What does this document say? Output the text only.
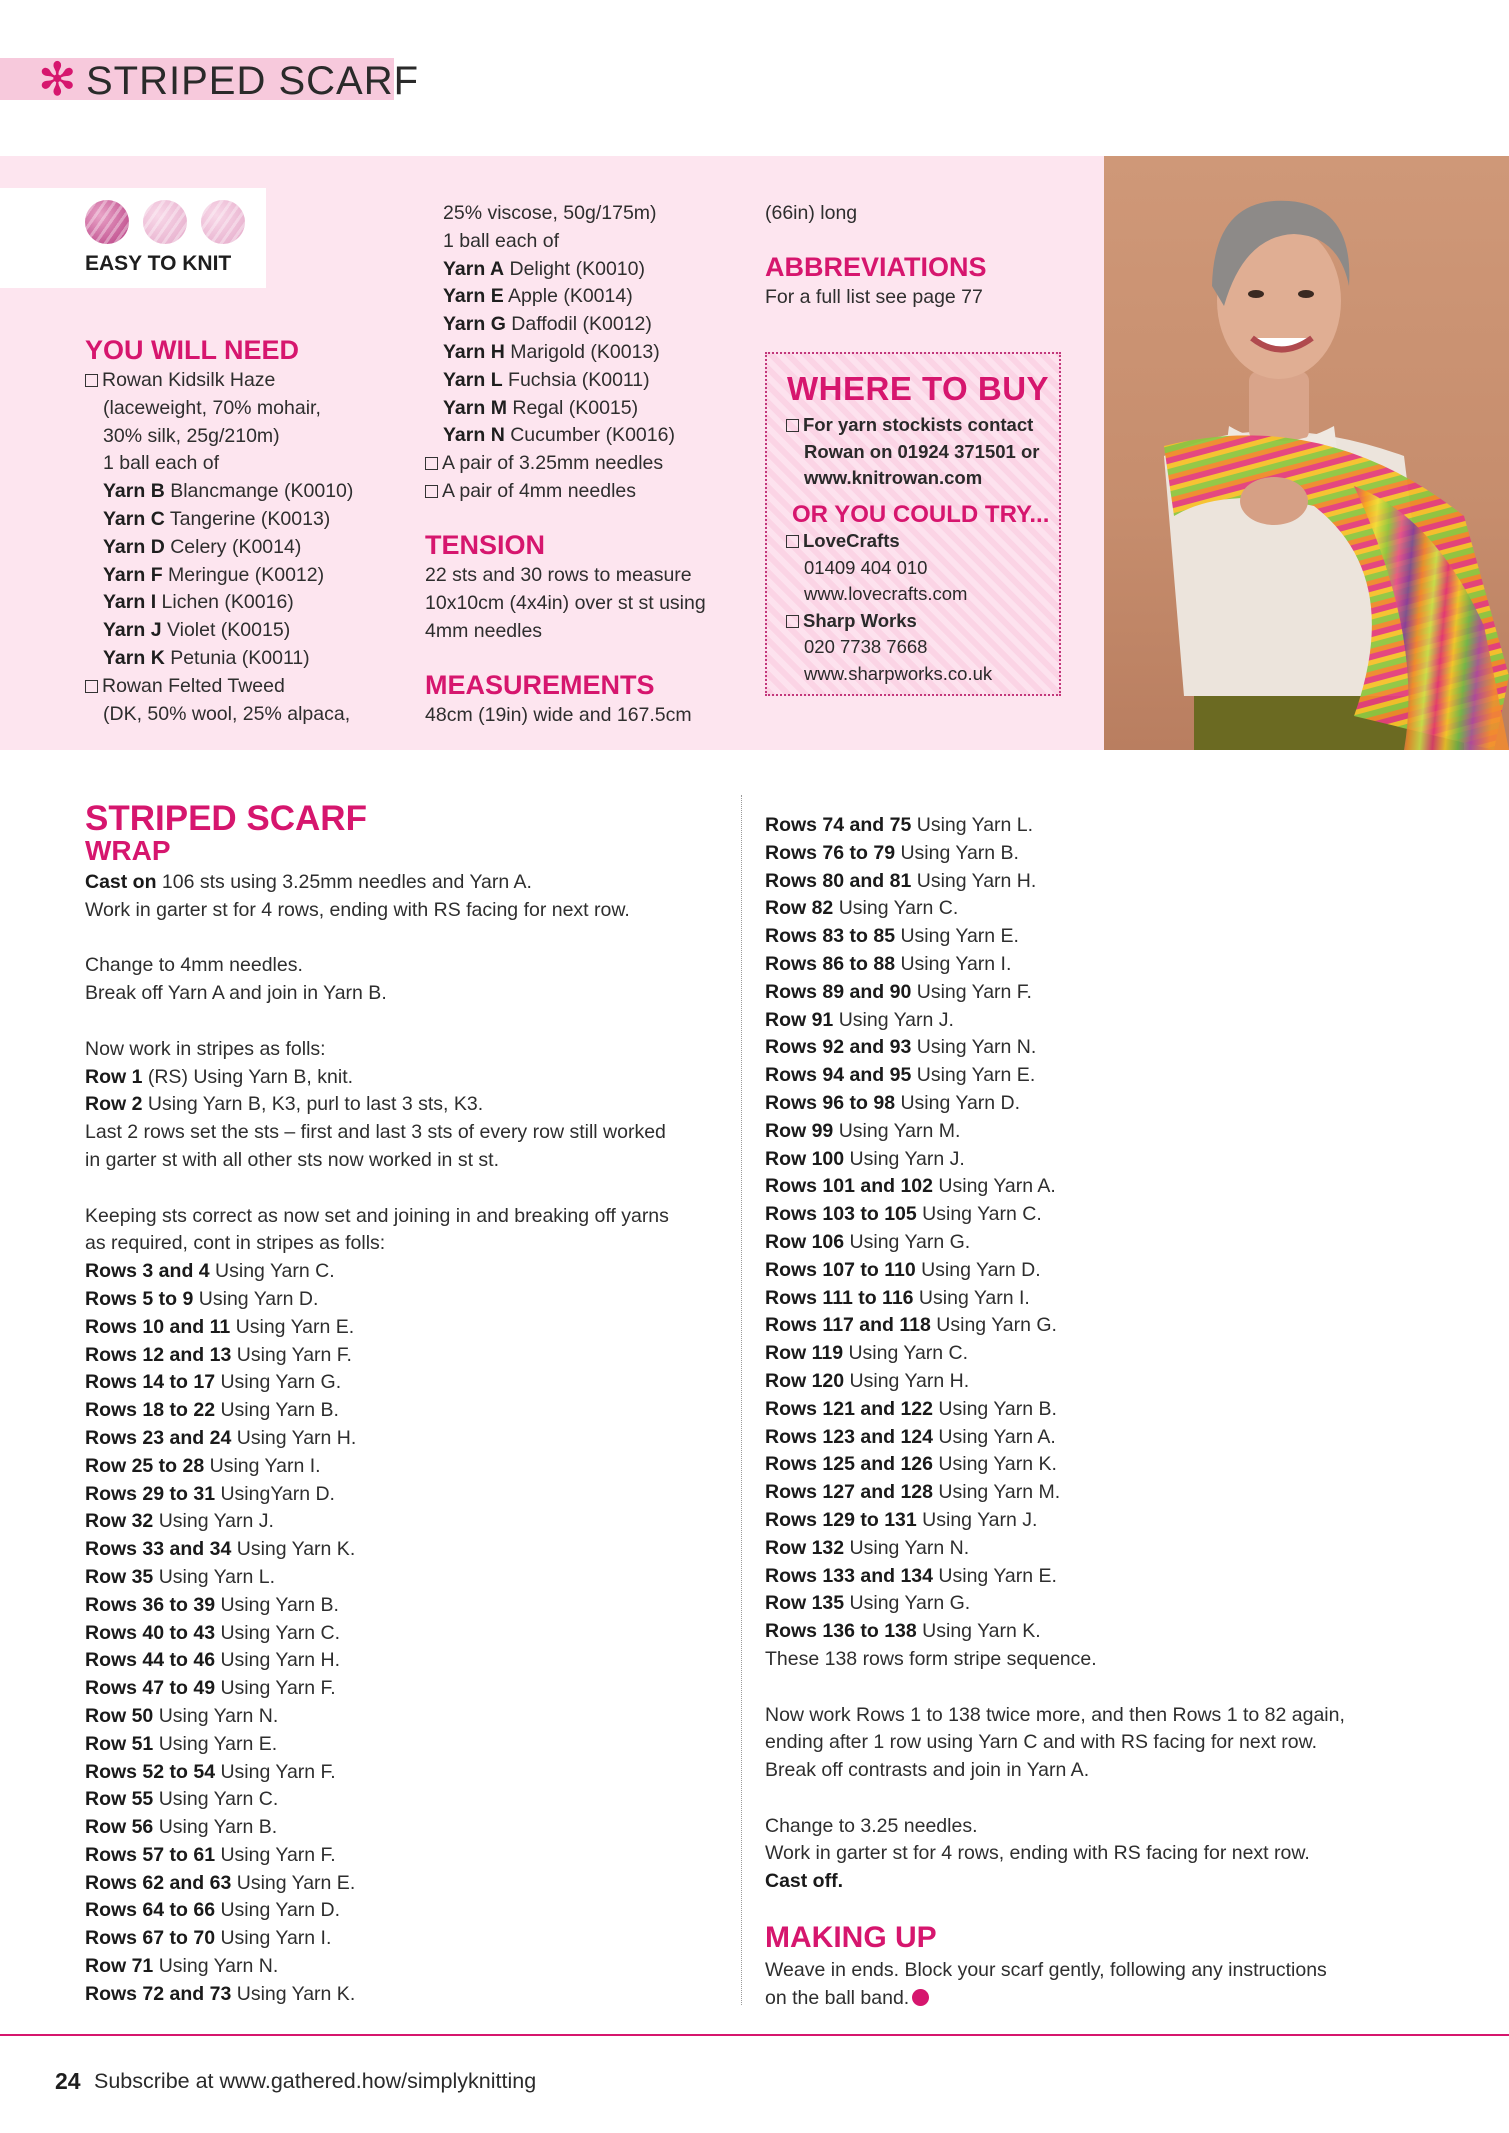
✻ STRIPED SCARF
EASY TO KNIT
YOU WILL NEED
Rowan Kidsilk Haze
(laceweight, 70% mohair,
30% silk, 25g/210m)
1 ball each of
Yarn B Blancmange (K0010)
Yarn C Tangerine (K0013)
Yarn D Celery (K0014)
Yarn F Meringue (K0012)
Yarn I Lichen (K0016)
Yarn J Violet (K0015)
Yarn K Petunia (K0011)
Rowan Felted Tweed
(DK, 50% wool, 25% alpaca,
25% viscose, 50g/175m)
1 ball each of
Yarn A Delight (K0010)
Yarn E Apple (K0014)
Yarn G Daffodil (K0012)
Yarn H Marigold (K0013)
Yarn L Fuchsia (K0011)
Yarn M Regal (K0015)
Yarn N Cucumber (K0016)
A pair of 3.25mm needles
A pair of 4mm needles
TENSION
22 sts and 30 rows to measure
10x10cm (4x4in) over st st using
4mm needles
MEASUREMENTS
48cm (19in) wide and 167.5cm
(66in) long
ABBREVIATIONS
For a full list see page 77
WHERE TO BUY
For yarn stockists contact
Rowan on 01924 371501 or
www.knitrowan.com
OR YOU COULD TRY...
LoveCrafts
01409 404 010
www.lovecrafts.com
Sharp Works
020 7738 7668
www.sharpworks.co.uk
STRIPED SCARF
WRAP
Cast on 106 sts using 3.25mm needles and Yarn A.
Work in garter st for 4 rows, ending with RS facing for next row.

Change to 4mm needles.
Break off Yarn A and join in Yarn B.

Now work in stripes as folls:
Row 1 (RS) Using Yarn B, knit.
Row 2 Using Yarn B, K3, purl to last 3 sts, K3.
Last 2 rows set the sts – first and last 3 sts of every row still worked
in garter st with all other sts now worked in st st.

Keeping sts correct as now set and joining in and breaking off yarns
as required, cont in stripes as folls:
Rows 3 and 4 Using Yarn C.
Rows 5 to 9 Using Yarn D.
Rows 10 and 11 Using Yarn E.
Rows 12 and 13 Using Yarn F.
Rows 14 to 17 Using Yarn G.
Rows 18 to 22 Using Yarn B.
Rows 23 and 24 Using Yarn H.
Row 25 to 28 Using Yarn I.
Rows 29 to 31 UsingYarn D.
Row 32 Using Yarn J.
Rows 33 and 34 Using Yarn K.
Row 35 Using Yarn L.
Rows 36 to 39 Using Yarn B.
Rows 40 to 43 Using Yarn C.
Rows 44 to 46 Using Yarn H.
Rows 47 to 49 Using Yarn F.
Row 50 Using Yarn N.
Row 51 Using Yarn E.
Rows 52 to 54 Using Yarn F.
Row 55 Using Yarn C.
Row 56 Using Yarn B.
Rows 57 to 61 Using Yarn F.
Rows 62 and 63 Using Yarn E.
Rows 64 to 66 Using Yarn D.
Rows 67 to 70 Using Yarn I.
Row 71 Using Yarn N.
Rows 72 and 73 Using Yarn K.
Rows 74 and 75 Using Yarn L.
Rows 76 to 79 Using Yarn B.
Rows 80 and 81 Using Yarn H.
Row 82 Using Yarn C.
Rows 83 to 85 Using Yarn E.
Rows 86 to 88 Using Yarn I.
Rows 89 and 90 Using Yarn F.
Row 91 Using Yarn J.
Rows 92 and 93 Using Yarn N.
Rows 94 and 95 Using Yarn E.
Rows 96 to 98 Using Yarn D.
Row 99 Using Yarn M.
Row 100 Using Yarn J.
Rows 101 and 102 Using Yarn A.
Rows 103 to 105 Using Yarn C.
Row 106 Using Yarn G.
Rows 107 to 110 Using Yarn D.
Rows 111 to 116 Using Yarn I.
Rows 117 and 118 Using Yarn G.
Row 119 Using Yarn C.
Row 120 Using Yarn H.
Rows 121 and 122 Using Yarn B.
Rows 123 and 124 Using Yarn A.
Rows 125 and 126 Using Yarn K.
Rows 127 and 128 Using Yarn M.
Rows 129 to 131 Using Yarn J.
Row 132 Using Yarn N.
Rows 133 and 134 Using Yarn E.
Row 135 Using Yarn G.
Rows 136 to 138 Using Yarn K.
These 138 rows form stripe sequence.

Now work Rows 1 to 138 twice more, and then Rows 1 to 82 again,
ending after 1 row using Yarn C and with RS facing for next row.
Break off contrasts and join in Yarn A.

Change to 3.25 needles.
Work in garter st for 4 rows, ending with RS facing for next row.
Cast off.
MAKING UP
Weave in ends. Block your scarf gently, following any instructions
on the ball band.
24 Subscribe at www.gathered.how/simplyknitting
